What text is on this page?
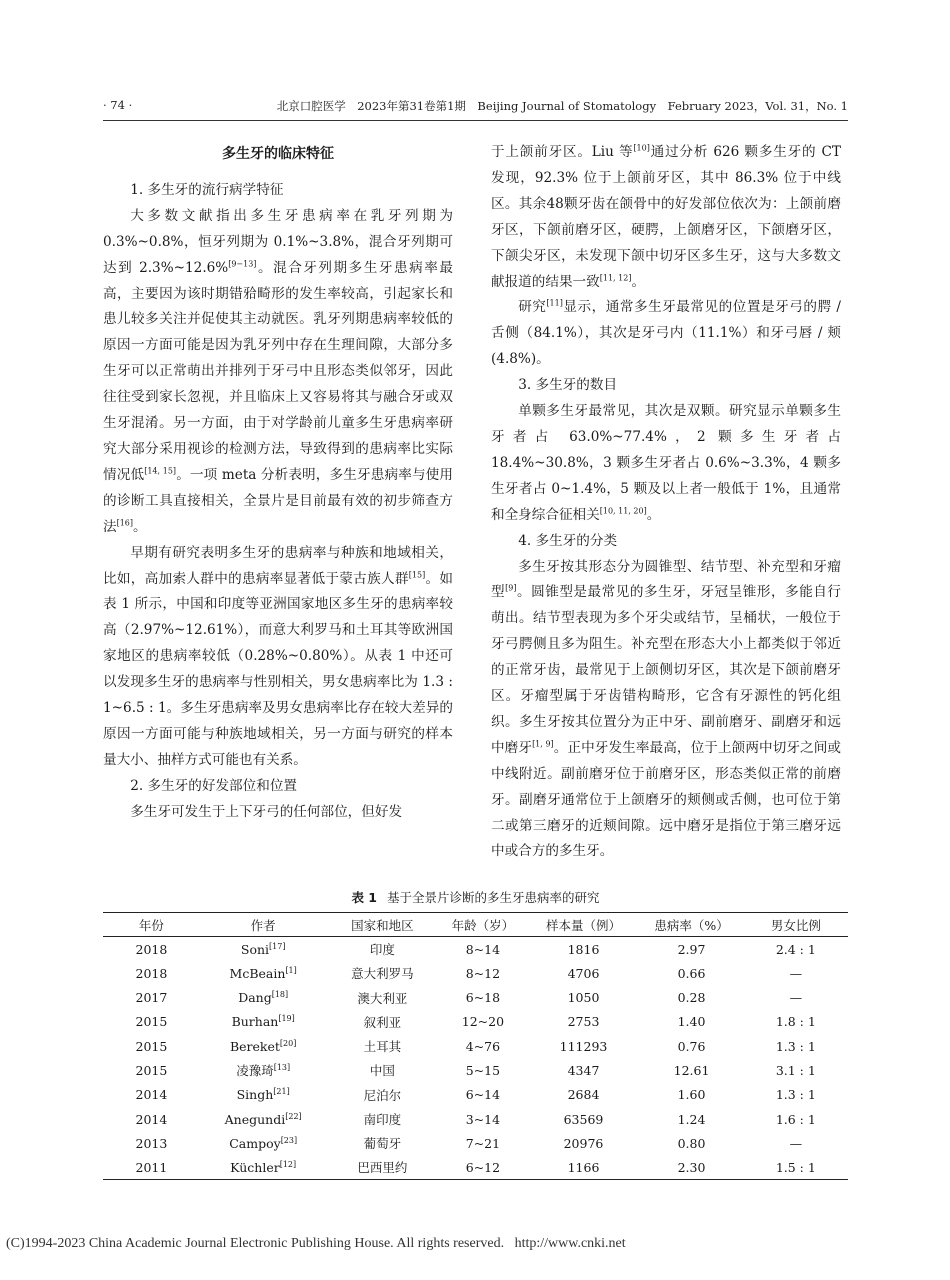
· 74 ·	北京口腔医学　2023年第31卷第1期　Beijing Journal of Stomatology　February 2023，Vol. 31，No. 1
多生牙的临床特征

1. 多生牙的流行病学特征

大多数文献指出多生牙患病率在乳牙列期为 0.3%~0.8%，恒牙列期为 0.1%~3.8%，混合牙列期可达到 2.3%~12.6%[9−13]。混合牙列期多生牙患病率最高，主要因为该时期错𬌗畸形的发生率较高，引起家长和患儿较多关注并促使其主动就医。乳牙列期患病率较低的原因一方面可能是因为乳牙列中存在生理间隙，大部分多生牙可以正常萌出并排列于牙弓中且形态类似邻牙，因此往往受到家长忽视，并且临床上又容易将其与融合牙或双生牙混淆。另一方面，由于对学龄前儿童多生牙患病率研究大部分采用视诊的检测方法，导致得到的患病率比实际情况低[14, 15]。一项 meta 分析表明，多生牙患病率与使用的诊断工具直接相关，全景片是目前最有效的初步筛查方法[16]。

早期有研究表明多生牙的患病率与种族和地域相关，比如，高加索人群中的患病率显著低于蒙古族人群[15]。如表 1 所示，中国和印度等亚洲国家地区多生牙的患病率较高（2.97%~12.61%），而意大利罗马和土耳其等欧洲国家地区的患病率较低（0.28%~0.80%）。从表 1 中还可以发现多生牙的患病率与性别相关，男女患病率比为 1.3 : 1~6.5 : 1。多生牙患病率及男女患病率比存在较大差异的原因一方面可能与种族地域相关，另一方面与研究的样本量大小、抽样方式可能也有关系。

2. 多生牙的好发部位和位置

多生牙可发生于上下牙弓的任何部位，但好发

于上颌前牙区。Liu 等[10]通过分析 626 颗多生牙的 CT 发现，92.3% 位于上颌前牙区，其中 86.3% 位于中线区。其余48颗牙齿在颌骨中的好发部位依次为：上颌前磨牙区，下颌前磨牙区，硬腭，上颌磨牙区，下颌磨牙区，下颌尖牙区，未发现下颌中切牙区多生牙，这与大多数文献报道的结果一致[11, 12]。

研究[11]显示，通常多生牙最常见的位置是牙弓的腭 / 舌侧（84.1%），其次是牙弓内（11.1%）和牙弓唇 / 颊 (4.8%)。

3. 多生牙的数目

单颗多生牙最常见，其次是双颗。研究显示单颗多生牙者占 63.0%~77.4%，2 颗多生牙者占 18.4%~30.8%，3 颗多生牙者占 0.6%~3.3%，4 颗多生牙者占 0~1.4%，5 颗及以上者一般低于 1%，且通常和全身综合征相关[10, 11, 20]。

4. 多生牙的分类

多生牙按其形态分为圆锥型、结节型、补充型和牙瘤型[9]。圆锥型是最常见的多生牙，牙冠呈锥形，多能自行萌出。结节型表现为多个牙尖或结节，呈桶状，一般位于牙弓腭侧且多为阻生。补充型在形态大小上都类似于邻近的正常牙齿，最常见于上颌侧切牙区，其次是下颌前磨牙区。牙瘤型属于牙齿错构畸形，它含有牙源性的钙化组织。多生牙按其位置分为正中牙、副前磨牙、副磨牙和远中磨牙[1, 9]。正中牙发生率最高，位于上颌两中切牙之间或中线附近。副前磨牙位于前磨牙区，形态类似正常的前磨牙。副磨牙通常位于上颌磨牙的颊侧或舌侧，也可位于第二或第三磨牙的近颊间隙。远中磨牙是指位于第三磨牙远中或合方的多生牙。

表 1 基于全景片诊断的多生牙患病率的研究
年份	作者	国家和地区	年龄（岁）	样本量（例）	患病率（%）	男女比例
2018	Soni[17]	印度	8~14	1816	2.97	2.4 : 1
2018	McBeain[1]	意大利罗马	8~12	4706	0.66	—
2017	Dang[18]	澳大利亚	6~18	1050	0.28	—
2015	Burhan[19]	叙利亚	12~20	2753	1.40	1.8 : 1
2015	Bereket[20]	土耳其	4~76	111293	0.76	1.3 : 1
2015	凌豫琦[13]	中国	5~15	4347	12.61	3.1 : 1
2014	Singh[21]	尼泊尔	6~14	2684	1.60	1.3 : 1
2014	Anegundi[22]	南印度	3~14	63569	1.24	1.6 : 1
2013	Campoy[23]	葡萄牙	7~21	20976	0.80	—
2011	Küchler[12]	巴西里约	6~12	1166	2.30	1.5 : 1
(C)1994-2023 China Academic Journal Electronic Publishing House. All rights reserved. http://www.cnki.net
